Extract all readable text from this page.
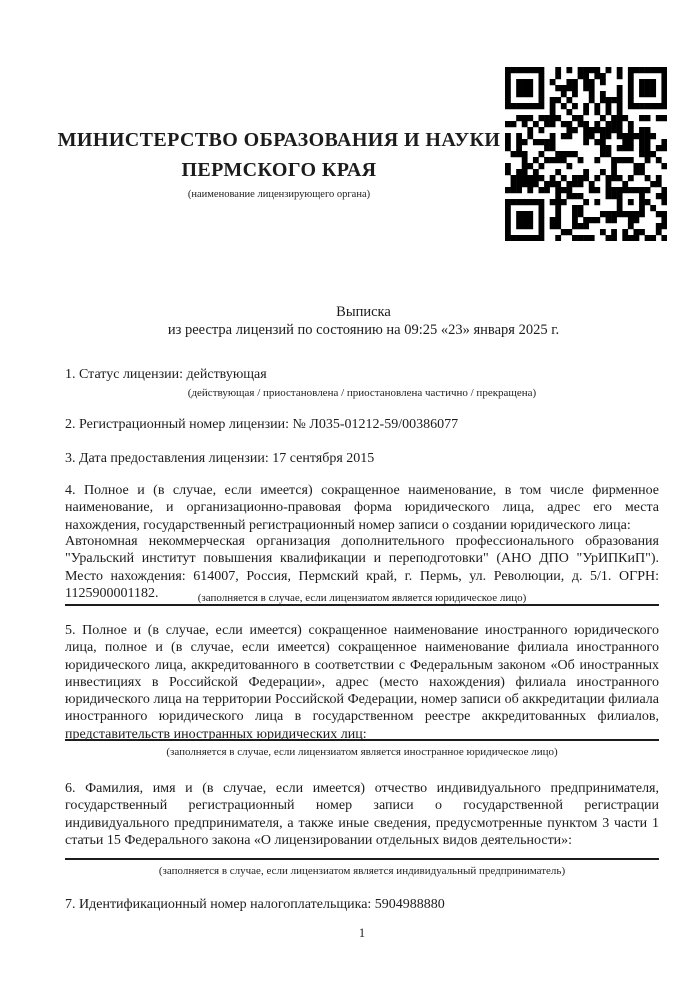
МИНИСТЕРСТВО ОБРАЗОВАНИЯ И НАУКИ
ПЕРМСКОГО КРАЯ
(наименование лицензирующего органа)
Выписка
из реестра лицензий по состоянию на 09:25 «23» января 2025 г.
1. Статус лицензии: действующая
(действующая / приостановлена / приостановлена частично / прекращена)
2. Регистрационный номер лицензии: № Л035-01212-59/00386077
3. Дата предоставления лицензии: 17 сентября 2015
4. Полное и (в случае, если имеется) сокращенное наименование, в том числе фирменное наименование, и организационно-правовая форма юридического лица, адрес его места нахождения, государственный регистрационный номер записи о создании юридического лица:
Автономная некоммерческая организация дополнительного профессионального образования "Уральский институт повышения квалификации и переподготовки" (АНО ДПО "УрИПКиП"). Место нахождения: 614007, Россия, Пермский край, г. Пермь, ул. Революции, д. 5/1. ОГРН: 1125900001182.	(заполняется в случае, если лицензиатом является юридическое лицо)
5. Полное и (в случае, если имеется) сокращенное наименование иностранного юридического лица, полное и (в случае, если имеется) сокращенное наименование филиала иностранного юридического лица, аккредитованного в соответствии с Федеральным законом «Об иностранных инвестициях в Российской Федерации», адрес (место нахождения) филиала иностранного юридического лица на территории Российской Федерации, номер записи об аккредитации филиала иностранного юридического лица в государственном реестре аккредитованных филиалов, представительств иностранных юридических лиц:
(заполняется в случае, если лицензиатом является иностранное юридическое лицо)
6. Фамилия, имя и (в случае, если имеется) отчество индивидуального предпринимателя, государственный регистрационный номер записи о государственной регистрации индивидуального предпринимателя, а также иные сведения, предусмотренные пунктом 3 части 1 статьи 15 Федерального закона «О лицензировании отдельных видов деятельности»:
(заполняется в случае, если лицензиатом является индивидуальный предприниматель)
7. Идентификационный номер налогоплательщика: 5904988880
1
